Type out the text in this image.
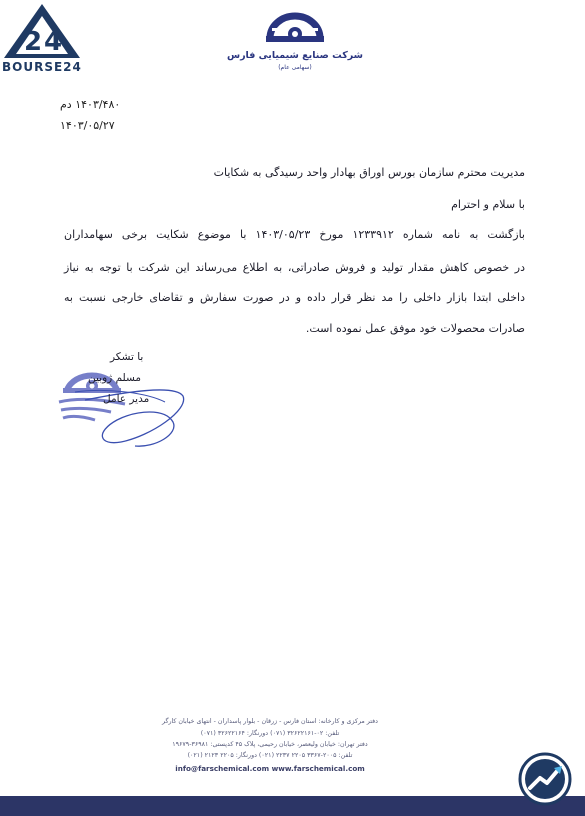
2 4
BOURSE24
شرکت صنایع شیمیایی فارس
(سهامی عام)
۱۴۰۳/۴۸۰ دم
۱۴۰۳/۰۵/۲۷
مدیریت محترم سازمان بورس اوراق بهادار واحد رسیدگی به شکایات
با سلام و احترام
بازگشت به نامه شماره ۱۲۳۳۹۱۲ مورخ ۱۴۰۳/۰۵/۲۳ با موضوع شکایت برخی سهامداران
در خصوص کاهش مقدار تولید و فروش صادراتی، به اطلاع می‌رساند این شرکت با توجه به نیاز
داخلی ابتدا بازار داخلی را مد نظر قرار داده و در صورت سفارش و تقاضای خارجی نسبت به
صادرات محصولات خود موفق عمل نموده است.
با تشکر
مسلم ژوبین
مدیر عامل
دفتر مرکزی و کارخانه: استان فارس - زرقان - بلوار پاسداران - انتهای خیابان کارگر
تلفن: ۰۲-۳۲۶۲۲۱۶۱ (۰۷۱) دورنگار: ۳۲۶۲۲۱۶۴ (۰۷۱)
دفتر تهران: خیابان ولیعصر، خیابان رحیمی، پلاک ۴۵ کدپستی: ۳۶۹۸۱-۱۹۶۷۹
تلفن: ۲۰۰۵-۳۳۶۷ ۲۲۰۵ ۲۲۳۷ (۰۲۱) دورنگار: ۲۲۰۵ ۲۱۲۳ (۰۲۱)
info@farschemical.com www.farschemical.com
